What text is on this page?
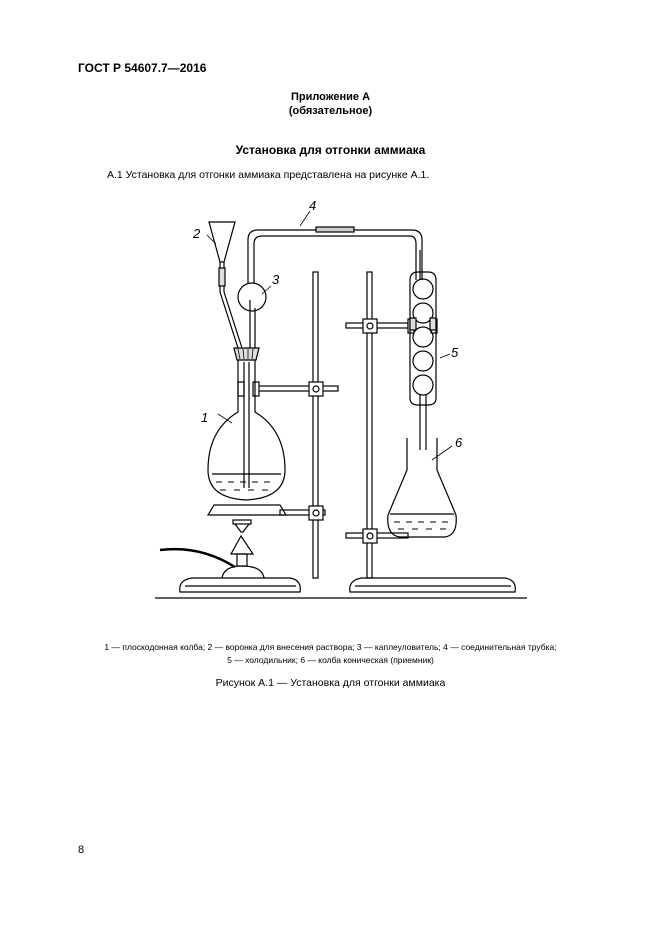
ГОСТ Р 54607.7—2016
Приложение А
(обязательное)
Установка для отгонки аммиака
А.1 Установка для отгонки аммиака представлена на рисунке А.1.
1
2
3
4
5
6
1 — плоскодонная колба; 2 — воронка для внесения раствора; 3 — каплеуловитель; 4 — соединительная трубка;
5 — холодильник; 6 — колба коническая (приемник)
Рисунок А.1 — Установка для отгонки аммиака
8
